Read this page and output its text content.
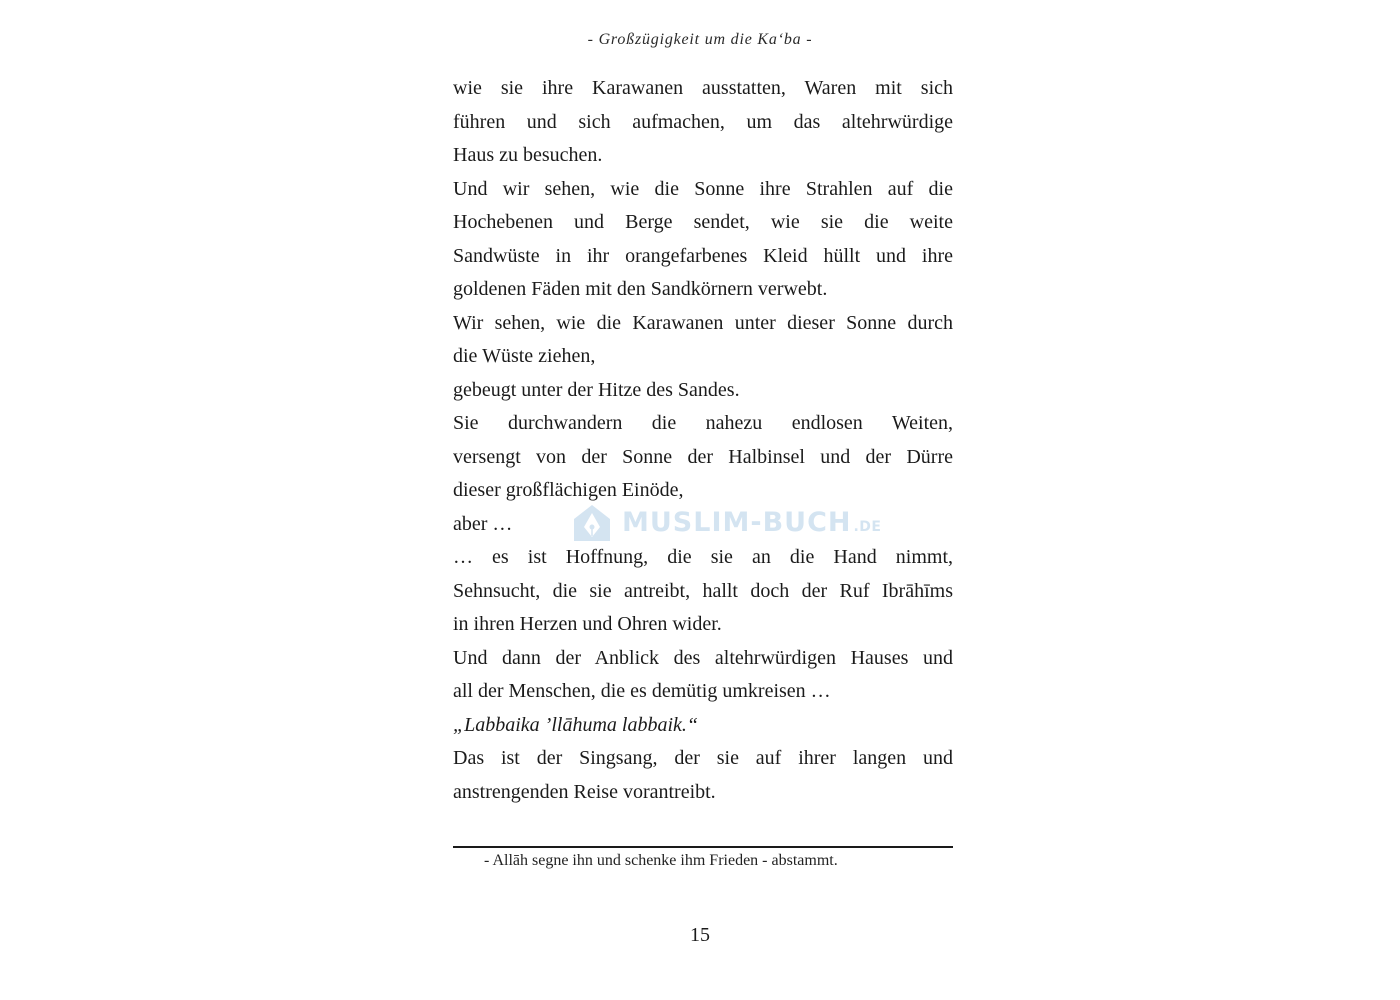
- Großzügigkeit um die Ka‘ba -
wie sie ihre Karawanen ausstatten, Waren mit sich
führen und sich aufmachen, um das altehrwürdige
Haus zu besuchen.
Und wir sehen, wie die Sonne ihre Strahlen auf die
Hochebenen und Berge sendet, wie sie die weite
Sandwüste in ihr orangefarbenes Kleid hüllt und ihre
goldenen Fäden mit den Sandkörnern verwebt.
Wir sehen, wie die Karawanen unter dieser Sonne durch
die Wüste ziehen,
gebeugt unter der Hitze des Sandes.
Sie durchwandern die nahezu endlosen Weiten,
versengt von der Sonne der Halbinsel und der Dürre
dieser großflächigen Einöde,
aber …
… es ist Hoffnung, die sie an die Hand nimmt,
Sehnsucht, die sie antreibt, hallt doch der Ruf Ibrāhīms
in ihren Herzen und Ohren wider.
Und dann der Anblick des altehrwürdigen Hauses und
all der Menschen, die es demütig umkreisen …
„Labbaika ’llāhuma labbaik.“
Das ist der Singsang, der sie auf ihrer langen und
anstrengenden Reise vorantreibt.
MUSLIM-BUCH .DE
- Allāh segne ihn und schenke ihm Frieden - abstammt.
15
